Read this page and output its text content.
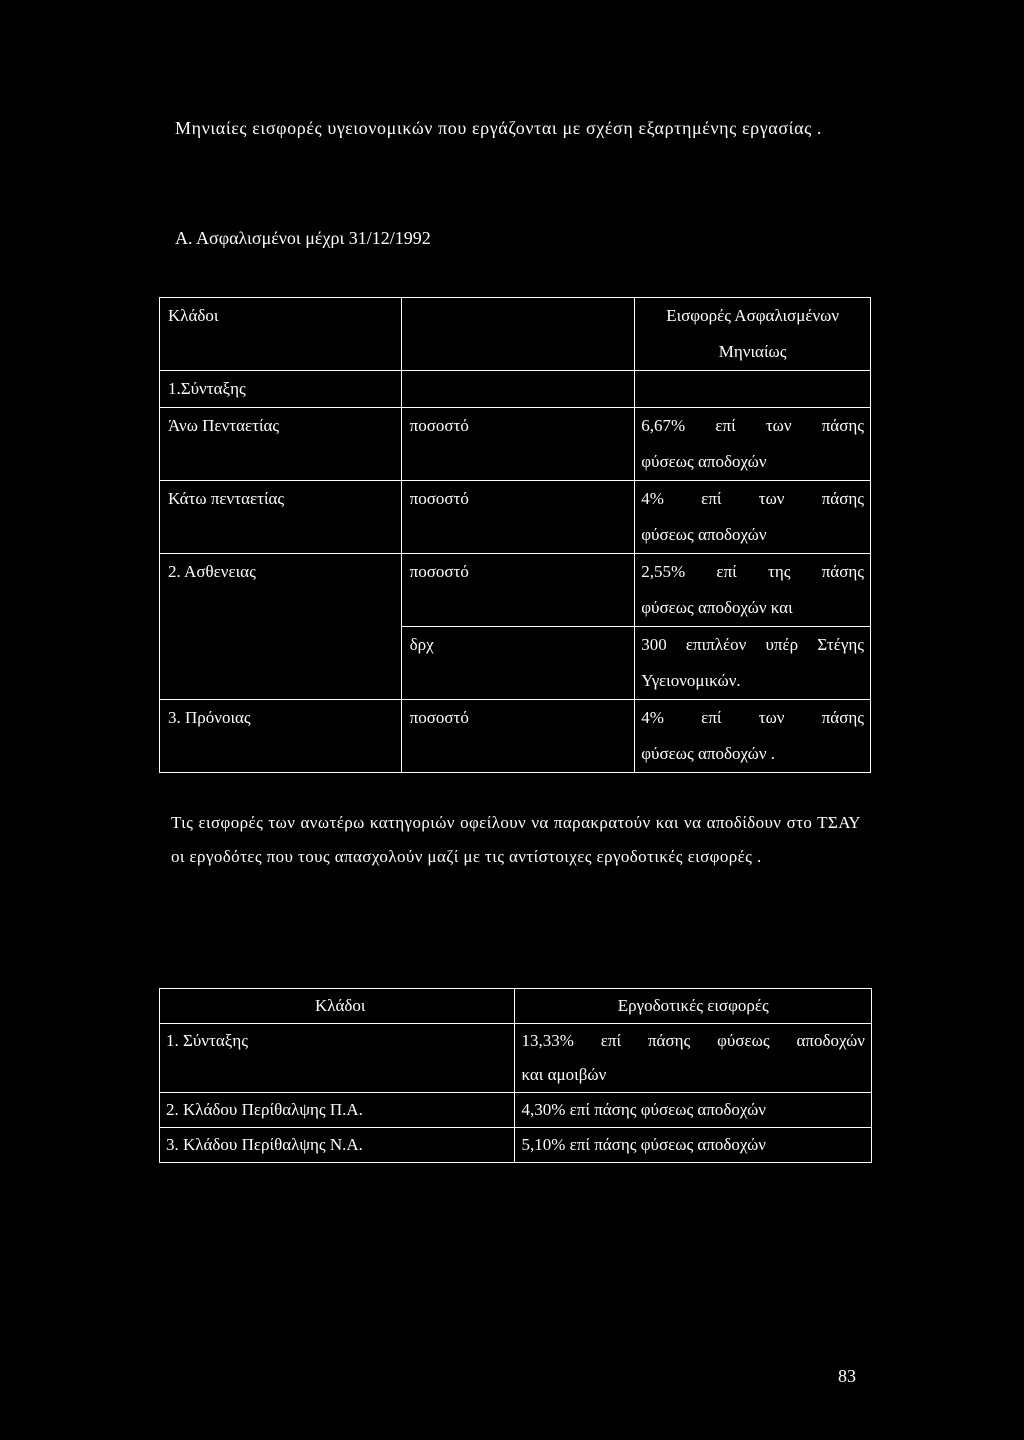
Μηνιαίες εισφορές υγειονομικών που εργάζονται με σχέση εξαρτημένης εργασίας .
Α. Ασφαλισμένοι μέχρι 31/12/1992
Κλάδοι		Εισφορές Ασφαλισμένων
Μηνιαίως

1.Σύνταξης		
Άνω Πενταετίας	ποσοστό	6,67% επί των πάσης
φύσεως αποδοχών

Κάτω πενταετίας	ποσοστό	4% επί των πάσης
φύσεως αποδοχών

2. Ασθενειας	ποσοστό	2,55% επί της πάσης
φύσεως αποδοχών και

	δρχ	300 επιπλέον υπέρ Στέγης
Υγειονομικών.

3. Πρόνοιας	ποσοστό	4% επί των πάσης
φύσεως αποδοχών .
Τις εισφορές των ανωτέρω κατηγοριών οφείλουν να παρακρατούν και να αποδίδουν στο ΤΣΑΥ οι εργοδότες που τους απασχολούν μαζί με τις αντίστοιχες εργοδοτικές εισφορές .
Κλάδοι	Εργοδοτικές εισφορές
1. Σύνταξης	13,33% επί πάσης φύσεως αποδοχών
και αμοιβών

2. Κλάδου Περίθαλψης Π.Α.	4,30% επί πάσης φύσεως αποδοχών
3. Κλάδου Περίθαλψης Ν.Α.	5,10% επί πάσης φύσεως αποδοχών
83
